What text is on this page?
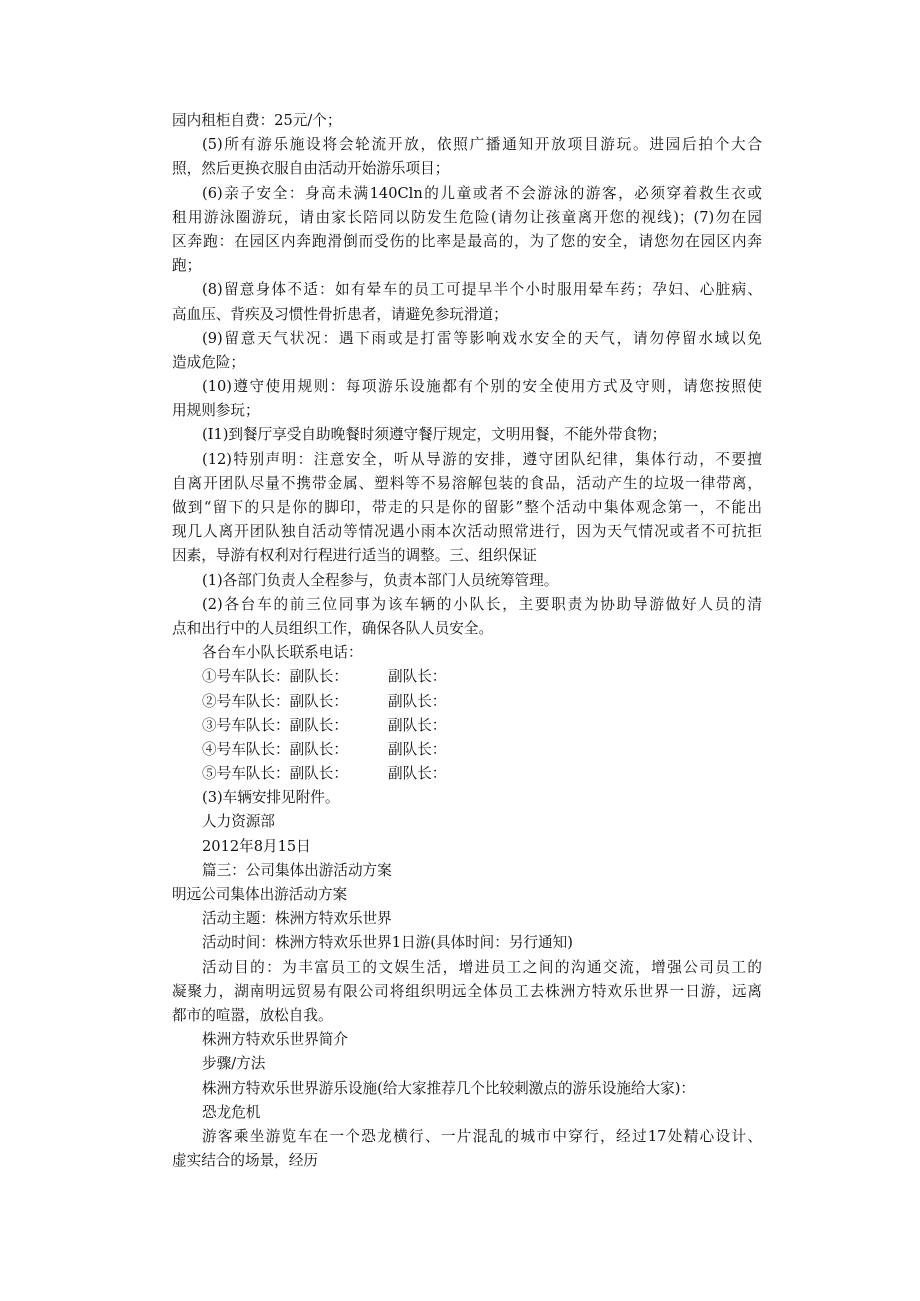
园内租柜自费：25元/个；
(5)所有游乐施设将会轮流开放，依照广播通知开放项目游玩。进园后拍个大合
照，然后更换衣服自由活动开始游乐项目；
(6)亲子安全：身高未满140Cln的儿童或者不会游泳的游客，必须穿着救生衣或
租用游泳圈游玩，请由家长陪同以防发生危险(请勿让孩童离开您的视线)；(7)勿在园
区奔跑：在园区内奔跑滑倒而受伤的比率是最高的，为了您的安全，请您勿在园区内奔
跑；
(8)留意身体不适：如有晕车的员工可提早半个小时服用晕车药；孕妇、心脏病、
高血压、背疾及习惯性骨折患者，请避免参玩滑道；
(9)留意天气状况：遇下雨或是打雷等影响戏水安全的天气，请勿停留水域以免
造成危险；
(10)遵守使用规则：每项游乐设施都有个别的安全使用方式及守则，请您按照使
用规则参玩；
(I1)到餐厅享受自助晚餐时须遵守餐厅规定，文明用餐，不能外带食物；
(12)特别声明：注意安全，听从导游的安排，遵守团队纪律，集体行动，不要擅
自离开团队尽量不携带金属、塑料等不易溶解包装的食品，活动产生的垃圾一律带离，
做到“留下的只是你的脚印，带走的只是你的留影”整个活动中集体观念第一，不能出
现几人离开团队独自活动等情况遇小雨本次活动照常进行，因为天气情况或者不可抗拒
因素，导游有权利对行程进行适当的调整。三、组织保证
(1)各部门负责人全程参与，负责本部门人员统筹管理。
(2)各台车的前三位同事为该车辆的小队长，主要职责为协助导游做好人员的清
点和出行中的人员组织工作，确保各队人员安全。
各台车小队长联系电话：
①号车队长：副队长：	副队长：
②号车队长：副队长：	副队长：
③号车队长：副队长：	副队长：
④号车队长：副队长：	副队长：
⑤号车队长：副队长：	副队长：
(3)车辆安排见附件。
人力资源部
2012年8月15日
篇三：公司集体出游活动方案
明远公司集体出游活动方案
活动主题：株洲方特欢乐世界
活动时间：株洲方特欢乐世界1日游(具体时间：另行通知)
活动目的：为丰富员工的文娱生活，增进员工之间的沟通交流，增强公司员工的
凝聚力，湖南明远贸易有限公司将组织明远全体员工去株洲方特欢乐世界一日游，远离
都市的喧嚣，放松自我。
株洲方特欢乐世界简介
步骤/方法
株洲方特欢乐世界游乐设施(给大家推荐几个比较刺激点的游乐设施给大家)：
恐龙危机
游客乘坐游览车在一个恐龙横行、一片混乱的城市中穿行，经过17处精心设计、
虚实结合的场景，经历
